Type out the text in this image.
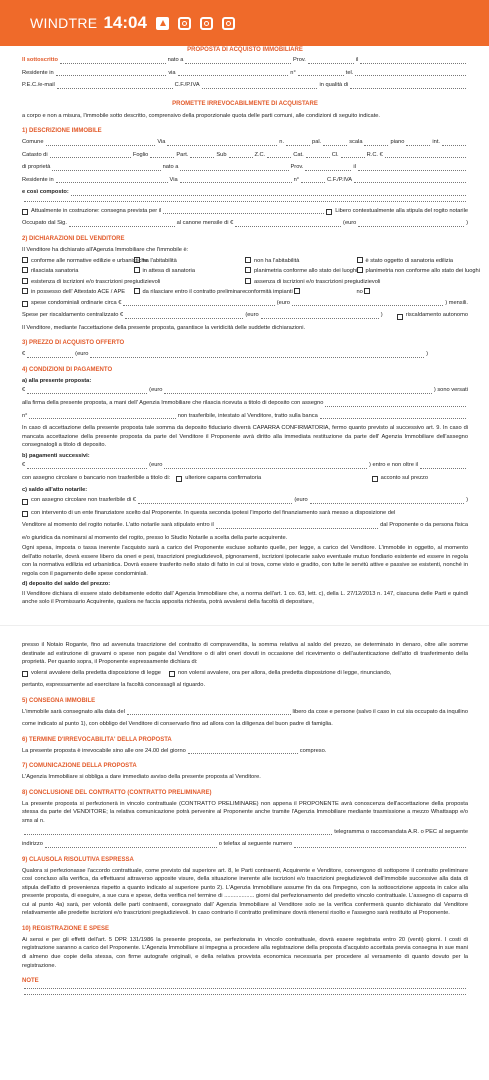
WINDTRE 14:04
PROPOSTA DI ACQUISTO IMMOBILIARE
Il sottoscritto	nato a	Prov.	il
Residente in	via	n°	tel.
P.E.C./e-mail	C.F./P.IVA	in qualità di
PROMETTE IRREVOCABILMENTE DI ACQUISTARE

a corpo e non a misura, l'immobile sotto descritto, comprensivo della proporzionale quota delle parti comuni, alle condizioni di seguito indicate.

1) DESCRIZIONE IMMOBILE
Comune	Via	n.	pal.	scala	piano	int.
Catasto di	Foglio	Part.	Sub	Z.C.	Cat.	Cl.	R.C. €
di proprietà	nato a	Prov.	il
Residente in	Via	n°	C.F./P.IVA
e così composto:
Attualmente in costruzione: consegna prevista per il	Libero contestualmente alla stipula del rogito notarile
Occupato dal Sig.	al canone mensile di €	(euro	)
2) DICHIARAZIONI DEL VENDITORE

Il Venditore ha dichiarato all'Agenzia Immobiliare che l'immobile è:

conforme alle normative edilizie e urbanistiche
ha l'abitabilità	non ha l'abitabilità	è stato oggetto di sanatoria edilizia
rilasciata sanatoria	in attesa di sanatoria	planimetria conforme allo stato dei luoghi	planimetria non conforme allo stato dei luoghi
esistenza di iscrizioni e/o trascrizioni pregiudizievoli	assenza di iscrizioni e/o trascrizioni pregiudizievoli
in possesso dell' Attestato ACE / APE	da rilasciare entro il contratto preliminare conformità impianti	no
spese condominiali ordinarie circa €	(euro	) mensili.
Spese per riscaldamento centralizzato €	(euro	)	riscaldamento autonomo

Il Venditore, mediante l'accettazione della presente proposta, garantisce la veridicità delle suddette dichiarazioni.

3) PREZZO DI ACQUISTO OFFERTO
€	(euro	)
4) CONDIZIONI DI PAGAMENTO
a) alla presente proposta:
€	(euro	) sono versati
alla firma della presente proposta, a mani dell' Agenzia Immobiliare che rilascia ricevuta a titolo di deposito con assegno
n°	non trasferibile, intestato al Venditore, tratto sulla banca

In caso di accettazione della presente proposta tale somma da deposito fiduciario diverrà CAPARRA CONFIRMATORIA, fermo quanto previsto al successivo art. 9. In caso di mancata accettazione della presente proposta da parte del Venditore il Proponente avrà diritto alla immediata restituzione da parte dell' Agenzia Immobiliare dell'assegno consegnatogli a titolo di deposito.

b) pagamenti successivi:
€	(euro	) entro e non oltre il
con assegno circolare o bancario non trasferibile a titolo di:	ulteriore caparra confirmatoria	acconto sul prezzo
c) saldo all'atto notarile:
con assegno circolare non trasferibile di €	(euro	)
con intervento di un ente finanziatore scelto dal Proponente. In questa seconda ipotesi l'importo del finanziamento sarà messo a disposizione del
Venditore al momento del rogito notarile. L'atto notarile sarà stipulato entro il	dal Proponente o da persona fisica

e/o giuridica da nominarsi al momento del rogito, presso lo Studio Notarile a scelta della parte acquirente.

Ogni spesa, imposta o tassa inerente l'acquisto sarà a carico del Proponente escluse soltanto quelle, per legge, a carico del Venditore. L'immobile in oggetto, al momento dell'atto notarile, dovrà essere libero da oneri e pesi, trascrizioni pregiudizievoli, pignoramenti, iscrizioni ipotecarie salvo eventuale mutuo fondiario esistente ed essere in regola con la normativa edilizia ed urbanistica. Dovrà essere trasferito nello stato di fatto in cui si trova, come visto e gradito, con tutte le servitù attive e passive se esistenti, nonché in regola con il pagamento delle spese condominiali.

d) deposito del saldo del prezzo:

Il Venditore dichiara di essere stato debitamente edotto dall' Agenzia Immobiliare che, a norma dell'art. 1 co. 63, lett. c), della L. 27/12/2013 n. 147, ciascuna delle Parti e quindi anche solo il Promissario Acquirente, qualora ne faccia apposita richiesta, potrà avvalersi della facoltà di depositare,

presso il Notaio Rogante, fino ad avvenuta trascrizione del contratto di compravendita, la somma relativa al saldo del prezzo, se determinato in denaro, oltre alle somme destinate ad estinzione di gravami o spese non pagate dal Venditore o di altri oneri dovuti in occasione del ricevimento o dell'autenticazione dell'atto di trasferimento della proprietà. Per quanto sopra, il Proponente espressamente dichiara di:

volersi avvalere della predetta disposizione di legge	non volersi avvalere, ora per allora, della predetta disposizione di legge, rinunciando,

pertanto, espressamente ad esercitare la facoltà concessagli al riguardo.

5) CONSEGNA IMMOBILE
L'immobile sarà consegnato alla data del	libero da cose e persone (salvo il caso in cui sia occupato da inquilino

come indicato al punto 1), con obbligo del Venditore di conservarlo fino ad allora con la diligenza del buon padre di famiglia.

6) TERMINE D'IRREVOCABILITA' DELLA PROPOSTA
La presente proposta è irrevocabile sino alle ore 24.00 del giorno	compreso.
7) COMUNICAZIONE DELLA PROPOSTA

L'Agenzia Immobiliare si obbliga a dare immediato avviso della presente proposta al Venditore.

8) CONCLUSIONE DEL CONTRATTO (CONTRATTO PRELIMINARE)

La presente proposta si perfezionerà in vincolo contrattuale (CONTRATTO PRELIMINARE) non appena il PROPONENTE avrà conoscenza dell'accettazione della proposta stessa da parte del VENDITORE; la relativa comunicazione potrà pervenire al Proponente anche tramite l'Agenzia Immobiliare mediante trasmissione a mezzo Whattsapp e/o sms al n.

telegramma o raccomandata A.R. o PEC al seguente
indirizzo	o telefax al seguente numero
9) CLAUSOLA RISOLUTIVA ESPRESSA

Qualora si perfezionasse l'accordo contrattuale, come previsto dal superiore art. 8, le Parti contraenti, Acquirente e Venditore, convengono di sottoporre il contratto preliminare così concluso alla verifica, da effettuarsi attraverso apposite visure, della situazione inerente alle iscrizioni e/o trascrizioni pregiudizievoli dell'immobile successive alla data di stipula dell'atto di provenienza rispetto a quanto indicato al superiore punto 2). L'Agenzia Immobiliare assume fin da ora l'impegno, con la sottoscrizione apposta in calce alla presente proposta, di eseguire, a sue cura e spese, detta verifica nel termine di ................... giorni dal perfezionamento del predetto vincolo contrattuale. L'assegno di caparra di cui al punto 4a) sarà, per volontà delle parti contraenti, consegnato dall' Agenzia Immobiliare al Venditore solo se la verifica confermerà quanto dichiarato dal Venditore relativamente alle predette iscrizioni e/o trascrizioni pregiudizievoli. In caso contrario il contratto preliminare dovrà ritenersi risolto e l'assegno sarà restituito al Proponente.

10) REGISTRAZIONE E SPESE

Ai sensi e per gli effetti dell'art. 5 DPR 131/1986 la presente proposta, se perfezionata in vincolo contrattuale, dovrà essere registrata entro 20 (venti) giorni. I costi di registrazione saranno a carico del Proponente. L'Agenzia Immobiliare si impegna a procedere alla registrazione della proposta d'acquisto accettata previa consegna in sue mani di almeno due copie della stessa, con firme autografe originali, e della relativa provvista economica necessaria per procedere al versamento di quanto dovuto per la registrazione.

NOTE
